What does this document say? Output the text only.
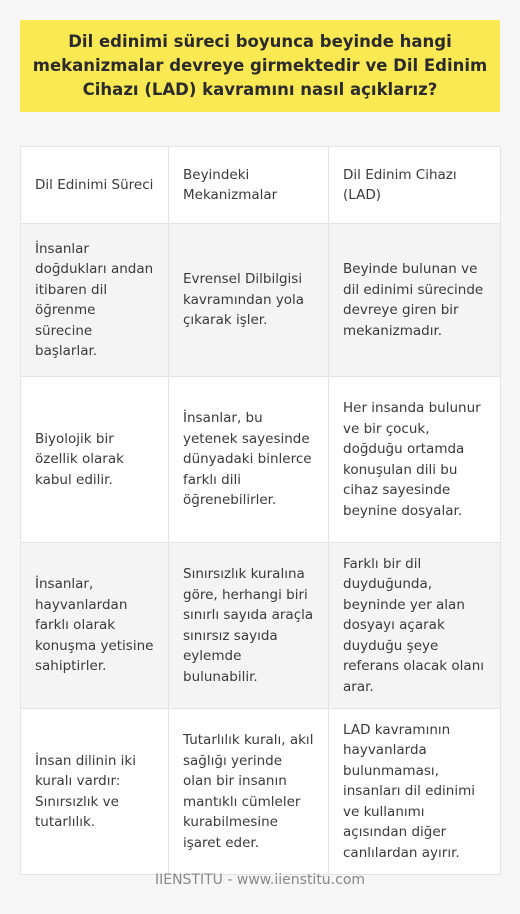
Dil edinimi süreci boyunca beyinde hangi mekanizmalar devreye girmektedir ve Dil Edinim Cihazı (LAD) kavramını nasıl açıklarız?
Dil Edinimi Süreci	Beyindeki Mekanizmalar	Dil Edinim Cihazı (LAD)
İnsanlar doğdukları andan itibaren dil öğrenme sürecine başlarlar.	Evrensel Dilbilgisi kavramından yola çıkarak işler.	Beyinde bulunan ve dil edinimi sürecinde devreye giren bir mekanizmadır.
Biyolojik bir özellik olarak kabul edilir.	İnsanlar, bu yetenek sayesinde dünyadaki binlerce farklı dili öğrenebilirler.	Her insanda bulunur ve bir çocuk, doğduğu ortamda konuşulan dili bu cihaz sayesinde beynine dosyalar.
İnsanlar, hayvanlardan farklı olarak konuşma yetisine sahiptirler.	Sınırsızlık kuralına göre, herhangi biri sınırlı sayıda araçla sınırsız sayıda eylemde bulunabilir.	Farklı bir dil duyduğunda, beyninde yer alan dosyayı açarak duyduğu şeye referans olacak olanı arar.
İnsan dilinin iki kuralı vardır: Sınırsızlık ve tutarlılık.	Tutarlılık kuralı, akıl sağlığı yerinde olan bir insanın mantıklı cümleler kurabilmesine işaret eder.	LAD kavramının hayvanlarda bulunmaması, insanları dil edinimi ve kullanımı açısından diğer canlılardan ayırır.
IIENSTITU - www.iienstitu.com
